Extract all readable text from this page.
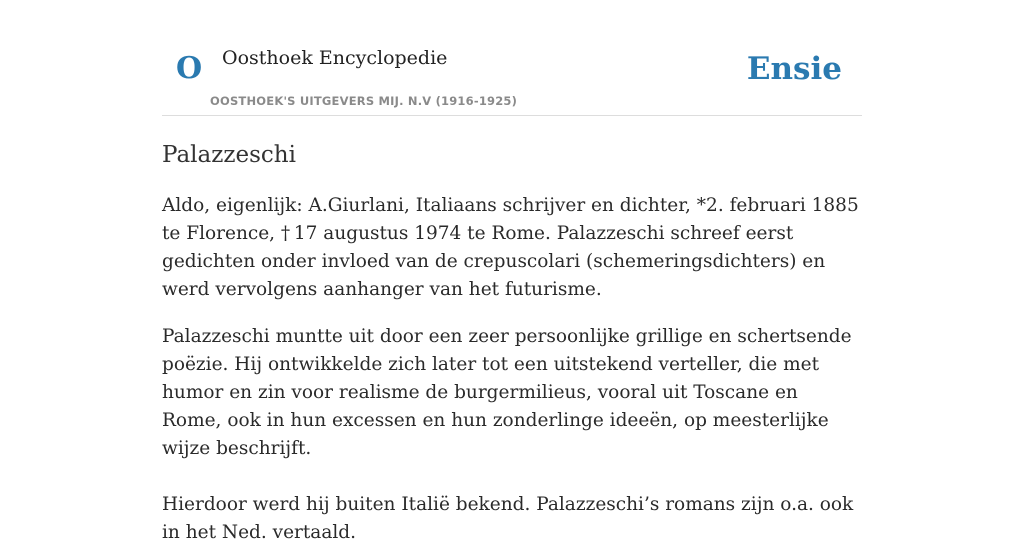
O Oosthoek Encyclopedie
OOSTHOEK'S UITGEVERS MIJ. N.V (1916-1925)
Ensie
Palazzeschi

Aldo, eigenlijk: A.Giurlani, Italiaans schrijver en dichter, *2. februari 1885 te Florence, † 17 augustus 1974 te Rome. Palazzeschi schreef eerst gedichten onder invloed van de crepuscolari (schemeringsdichters) en werd vervolgens aanhanger van het futurisme.

Palazzeschi muntte uit door een zeer persoonlijke grillige en schertsende poëzie. Hij ontwikkelde zich later tot een uitstekend verteller, die met humor en zin voor realisme de burgermilieus, vooral uit Toscane en Rome, ook in hun excessen en hun zonderlinge ideeën, op meesterlijke wijze beschrijft.

Hierdoor werd hij buiten Italië bekend. Palazzeschi’s romans zijn o.a. ook in het Ned. vertaald.
